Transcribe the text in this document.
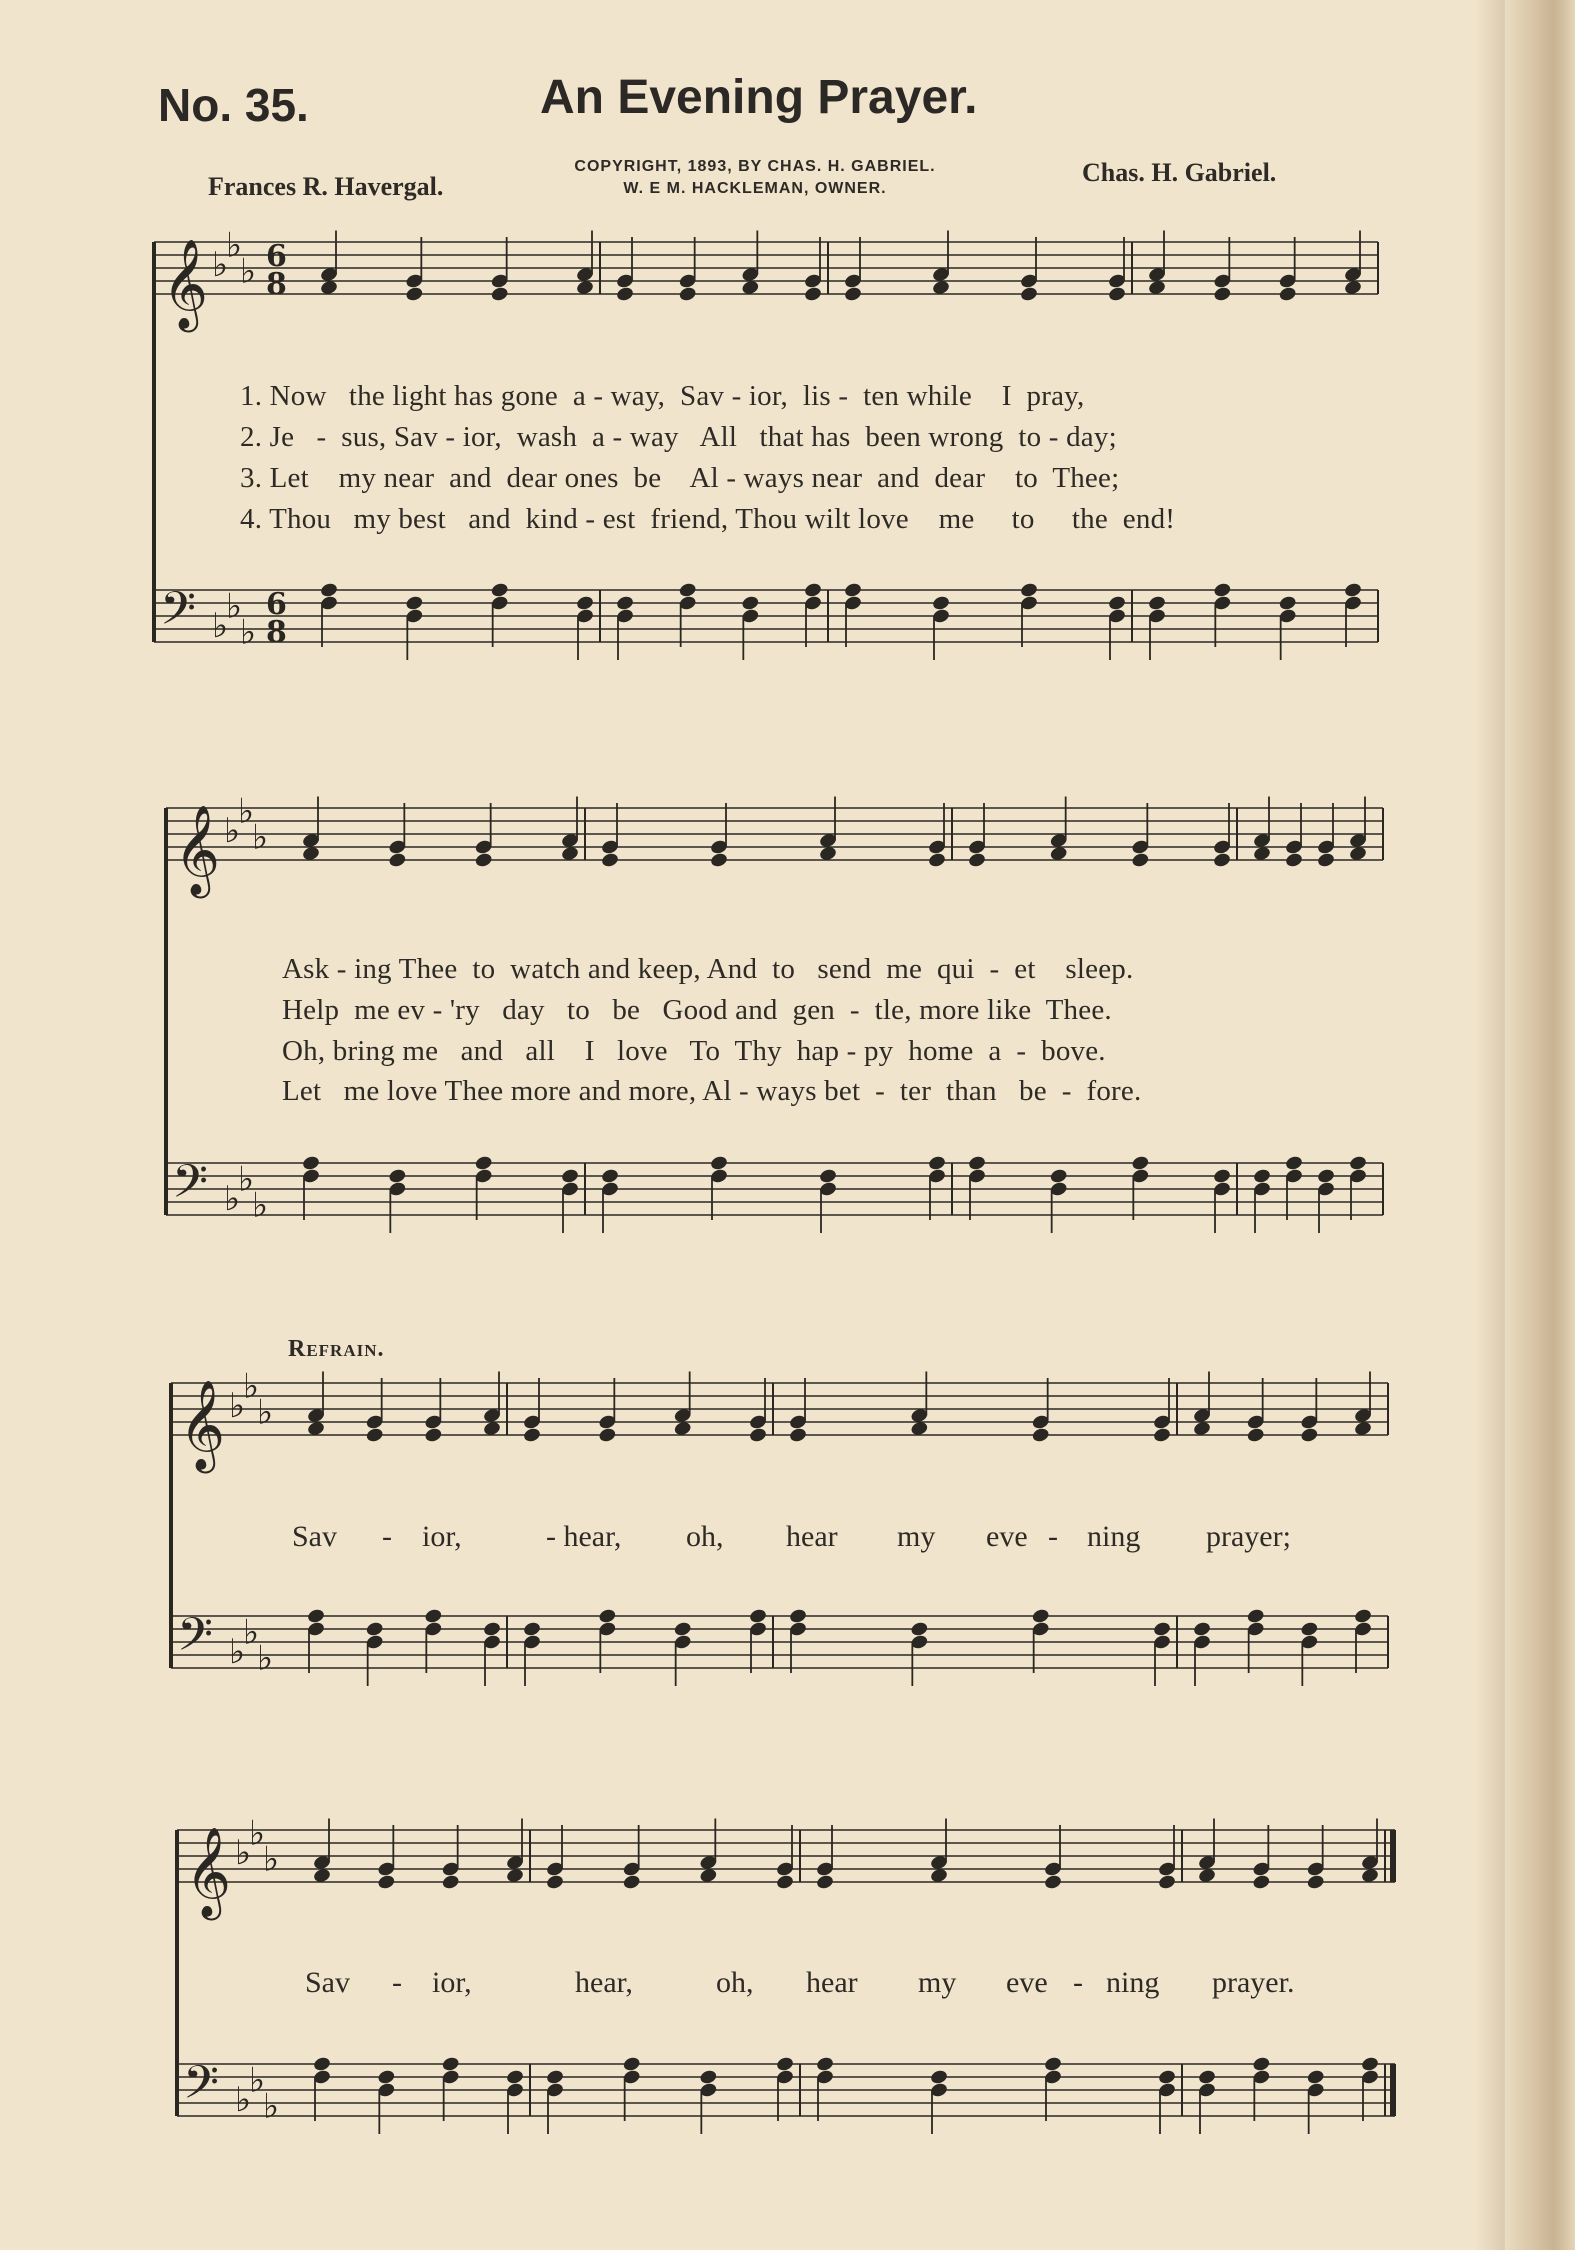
No. 35.	An Evening Prayer.
Frances R. Havergal.
COPYRIGHT, 1893, BY CHAS. H. GABRIEL.
W. E M. HACKLEMAN, OWNER.
Chas. H. Gabriel.
𝄞
𝄢
♭
♭
♭
♭
♭
♭
𝄞
𝄢
♭
♭
♭
♭
♭
♭
𝄞
𝄢
♭
♭
♭
♭
♭
♭
𝄞
𝄢
♭
♭
♭
♭
♭
♭
6
8
6
8
1. Now   the light has gone  a - way,  Sav - ior,  lis -  ten while    I  pray,
2. Je   -  sus, Sav - ior,  wash  a - way   All   that has  been wrong  to - day;
3. Let    my near  and  dear ones  be    Al - ways near  and  dear    to  Thee;
4. Thou   my best   and  kind - est  friend, Thou wilt love    me     to     the  end!
Ask - ing Thee  to  watch and keep, And  to   send  me  qui  -  et    sleep.
Help  me ev - 'ry   day   to   be   Good and  gen  -  tle, more like  Thee.
Oh, bring me   and   all    I   love   To  Thy  hap - py  home  a  -  bove.
Let   me love Thee more and more, Al - ways bet  -  ter  than   be  -  fore.
Refrain.
Sav - ior,	- hear, oh, hear my eve - ning prayer;
Sav - ior,	hear,	oh, hear my eve - ning prayer.
